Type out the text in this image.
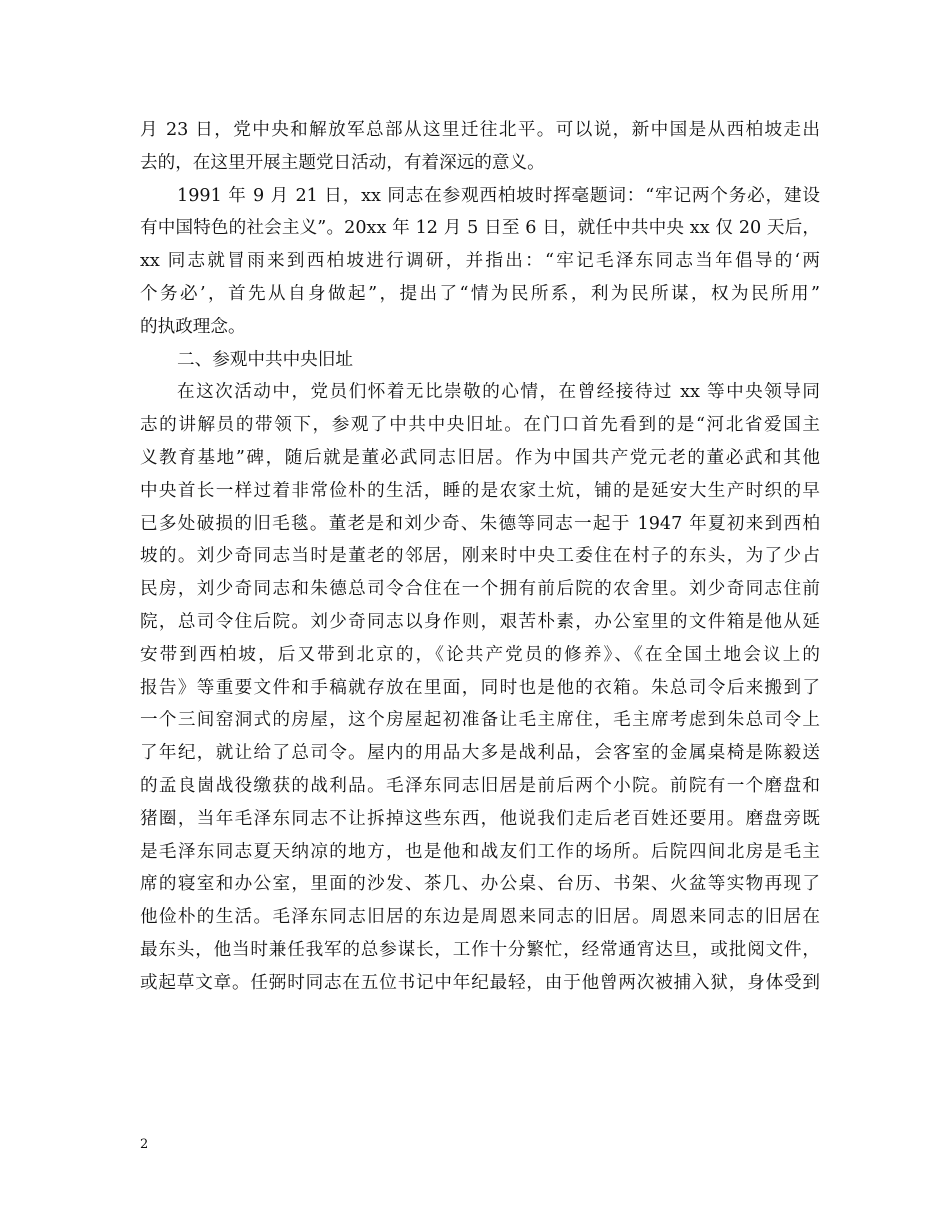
月 23 日，党中央和解放军总部从这里迁往北平。可以说，新中国是从西柏坡走出
去的，在这里开展主题党日活动，有着深远的意义。
1991 年 9 月 21 日，xx 同志在参观西柏坡时挥毫题词：“牢记两个务必，建设
有中国特色的社会主义”。20xx 年 12 月 5 日至 6 日，就任中共中央 xx 仅 20 天后，
xx 同志就冒雨来到西柏坡进行调研，并指出：“牢记毛泽东同志当年倡导的‘两
个务必’，首先从自身做起”，提出了“情为民所系，利为民所谋，权为民所用”
的执政理念。
二、参观中共中央旧址
在这次活动中，党员们怀着无比崇敬的心情，在曾经接待过 xx 等中央领导同
志的讲解员的带领下，参观了中共中央旧址。在门口首先看到的是“河北省爱国主
义教育基地”碑，随后就是董必武同志旧居。作为中国共产党元老的董必武和其他
中央首长一样过着非常俭朴的生活，睡的是农家土炕，铺的是延安大生产时织的早
已多处破损的旧毛毯。董老是和刘少奇、朱德等同志一起于 1947 年夏初来到西柏
坡的。刘少奇同志当时是董老的邻居，刚来时中央工委住在村子的东头，为了少占
民房，刘少奇同志和朱德总司令合住在一个拥有前后院的农舍里。刘少奇同志住前
院，总司令住后院。刘少奇同志以身作则，艰苦朴素，办公室里的文件箱是他从延
安带到西柏坡，后又带到北京的，《论共产党员的修养》、《在全国土地会议上的
报告》等重要文件和手稿就存放在里面，同时也是他的衣箱。朱总司令后来搬到了
一个三间窑洞式的房屋，这个房屋起初准备让毛主席住，毛主席考虑到朱总司令上
了年纪，就让给了总司令。屋内的用品大多是战利品，会客室的金属桌椅是陈毅送
的孟良崮战役缴获的战利品。毛泽东同志旧居是前后两个小院。前院有一个磨盘和
猪圈，当年毛泽东同志不让拆掉这些东西，他说我们走后老百姓还要用。磨盘旁既
是毛泽东同志夏天纳凉的地方，也是他和战友们工作的场所。后院四间北房是毛主
席的寝室和办公室，里面的沙发、茶几、办公桌、台历、书架、火盆等实物再现了
他俭朴的生活。毛泽东同志旧居的东边是周恩来同志的旧居。周恩来同志的旧居在
最东头，他当时兼任我军的总参谋长，工作十分繁忙，经常通宵达旦，或批阅文件，
或起草文章。任弼时同志在五位书记中年纪最轻，由于他曾两次被捕入狱，身体受到
2
